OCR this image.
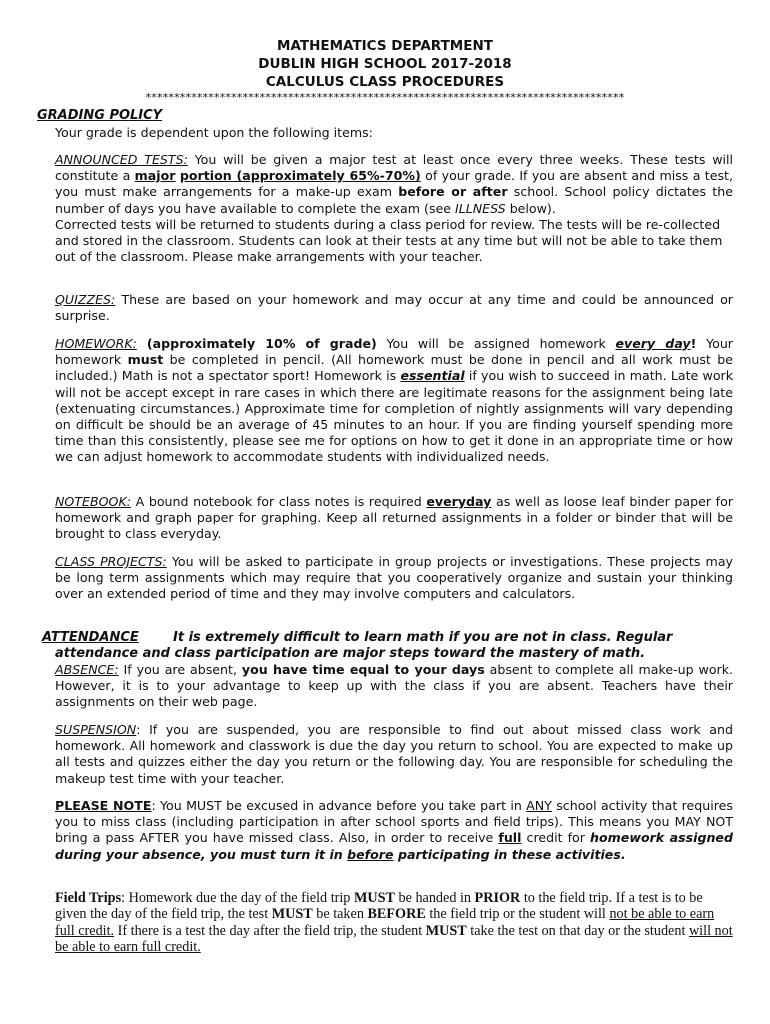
MATHEMATICS DEPARTMENT
DUBLIN HIGH SCHOOL 2017-2018
CALCULUS CLASS PROCEDURES
************************************************************************************
GRADING POLICY
Your grade is dependent upon the following items:
ANNOUNCED TESTS: You will be given a major test at least once every three weeks. These tests will constitute a major portion (approximately 65%-70%) of your grade. If you are absent and miss a test, you must make arrangements for a make-up exam before or after school. School policy dictates the number of days you have available to complete the exam (see ILLNESS below).

Corrected tests will be returned to students during a class period for review. The tests will be re-collected and stored in the classroom. Students can look at their tests at any time but will not be able to take them out of the classroom. Please make arrangements with your teacher.
QUIZZES: These are based on your homework and may occur at any time and could be announced or surprise.
HOMEWORK: (approximately 10% of grade) You will be assigned homework every day! Your homework must be completed in pencil. (All homework must be done in pencil and all work must be included.) Math is not a spectator sport! Homework is essential if you wish to succeed in math. Late work will not be accept except in rare cases in which there are legitimate reasons for the assignment being late (extenuating circumstances.) Approximate time for completion of nightly assignments will vary depending on difficult be should be an average of 45 minutes to an hour. If you are finding yourself spending more time than this consistently, please see me for options on how to get it done in an appropriate time or how we can adjust homework to accommodate students with individualized needs.
NOTEBOOK: A bound notebook for class notes is required everyday as well as loose leaf binder paper for homework and graph paper for graphing. Keep all returned assignments in a folder or binder that will be brought to class everyday.
CLASS PROJECTS: You will be asked to participate in group projects or investigations. These projects may be long term assignments which may require that you cooperatively organize and sustain your thinking over an extended period of time and they may involve computers and calculators.
ATTENDANCE	It is extremely difficult to learn math if you are not in class. Regular
attendance and class participation are major steps toward the mastery of math.
ABSENCE: If you are absent, you have time equal to your days absent to complete all make-up work. However, it is to your advantage to keep up with the class if you are absent. Teachers have their assignments on their web page.
SUSPENSION: If you are suspended, you are responsible to find out about missed class work and homework. All homework and classwork is due the day you return to school. You are expected to make up all tests and quizzes either the day you return or the following day. You are responsible for scheduling the makeup test time with your teacher.
PLEASE NOTE: You MUST be excused in advance before you take part in ANY school activity that requires you to miss class (including participation in after school sports and field trips). This means you MAY NOT bring a pass AFTER you have missed class. Also, in order to receive full credit for homework assigned during your absence, you must turn it in before participating in these activities.
Field Trips: Homework due the day of the field trip MUST be handed in PRIOR to the field trip. If a test is to be given the day of the field trip, the test MUST be taken BEFORE the field trip or the student will not be able to earn full credit. If there is a test the day after the field trip, the student MUST take the test on that day or the student will not be able to earn full credit.
